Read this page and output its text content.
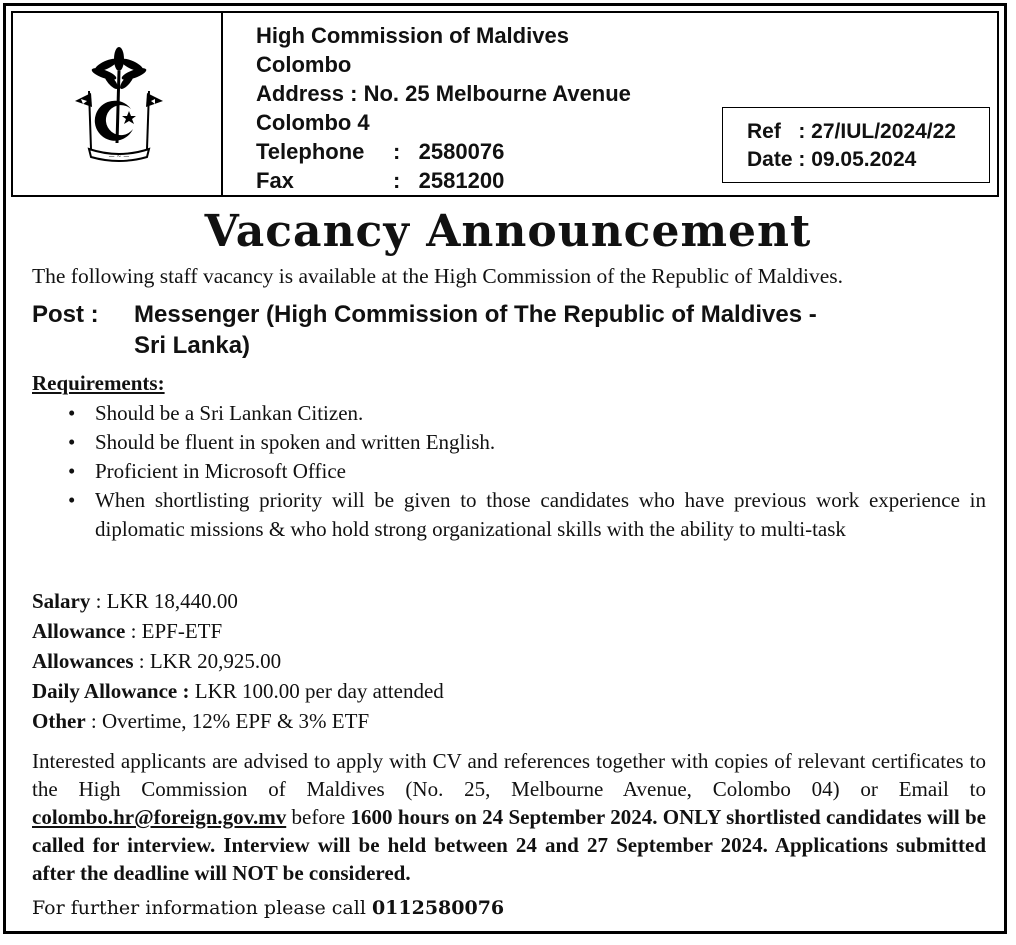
— ~ —
High Commission of Maldives
Colombo
Address : No. 25 Melbourne Avenue
Colombo 4
Telephone : 2580076
Fax	: 2581200
Ref : 27/IUL/2024/22
Date : 09.05.2024
Vacancy Announcement
The following staff vacancy is available at the High Commission of the Republic of Maldives.
Post : Messenger (High Commission of The Republic of Maldives -
Sri Lanka)
Requirements:
• Should be a Sri Lankan Citizen.
• Should be fluent in spoken and written English.
• Proficient in Microsoft Office
• When shortlisting priority will be given to those candidates who have previous work experience in diplomatic missions & who hold strong organizational skills with the ability to multi-task
Salary : LKR 18,440.00
Allowance : EPF-ETF
Allowances : LKR 20,925.00
Daily Allowance : LKR 100.00 per day attended
Other : Overtime, 12% EPF & 3% ETF
Interested applicants are advised to apply with CV and references together with copies of relevant certificates to the High Commission of Maldives (No. 25, Melbourne Avenue, Colombo 04) or Email to colombo.hr@foreign.gov.mv before 1600 hours on 24 September 2024. ONLY shortlisted candidates will be called for interview. Interview will be held between 24 and 27 September 2024. Applications submitted after the deadline will NOT be considered.
For further information please call 0112580076
